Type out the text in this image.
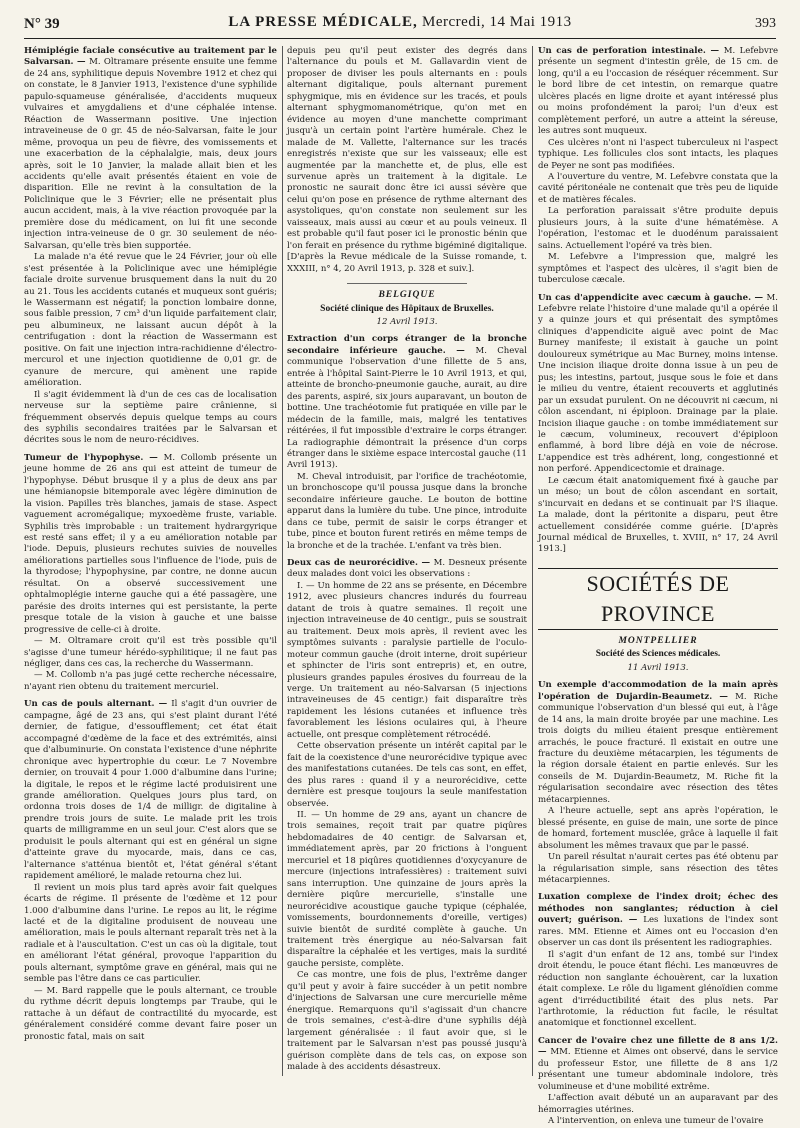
N° 39	LA PRESSE MÉDICALE, Mercredi, 14 Mai 1913	393

Hémiplégie faciale consécutive au traitement par le Salvarsan. — M. Oltramare présente ensuite une femme de 24 ans, syphilitique depuis Novembre 1912 et chez qui on constate, le 8 Janvier 1913, l'existence d'une syphilide papulo-squameuse généralisée, d'accidents muqueux vulvaires et amygdaliens et d'une céphalée intense. Réaction de Wassermann positive. Une injection intraveineuse de 0 gr. 45 de néo-Salvarsan, faite le jour même, provoqua un peu de fièvre, des vomissements et une exacerbation de la céphalalgie, mais, deux jours après, soit le 10 Janvier, la malade allait bien et les accidents qu'elle avait présentés étaient en voie de disparition. Elle ne revint à la consultation de la Policlinique que le 3 Février; elle ne présentait plus aucun accident, mais, à la vive réaction provoquée par la première dose du médicament, on lui fit une seconde injection intra-veineuse de 0 gr. 30 seulement de néo-Salvarsan, qu'elle très bien supportée.

La malade n'a été revue que le 24 Février, jour où elle s'est présentée à la Policlinique avec une hémiplégie faciale droite survenue brusquement dans la nuit du 20 au 21. Tous les accidents cutanés et muqueux sont guéris; le Wassermann est négatif; la ponction lombaire donne, sous faible pression, 7 cm³ d'un liquide parfaitement clair, peu albumineux, ne laissant aucun dépôt à la centrifugation : dont la réaction de Wassermann est positive. On fait une injection intra-rachidienne d'électro-mercurol et une injection quotidienne de 0,01 gr. de cyanure de mercure, qui amènent une rapide amélioration.

Il s'agit évidemment là d'un de ces cas de localisation nerveuse sur la septième paire crânienne, si fréquemment observés depuis quelque temps au cours des syphilis secondaires traitées par le Salvarsan et décrites sous le nom de neuro-récidives.

Tumeur de l'hypophyse. — M. Collomb présente un jeune homme de 26 ans qui est atteint de tumeur de l'hypophyse. Début brusque il y a plus de deux ans par une hémianopsie bitemporale avec légère diminution de la vision. Papilles très blanches, jamais de stase. Aspect vaguement acromégalique; myxoedème fruste, variable. Syphilis très improbable : un traitement hydrargyrique est resté sans effet; il y a eu amélioration notable par l'iode. Depuis, plusieurs rechutes suivies de nouvelles améliorations partielles sous l'influence de l'iode, puis de la thyrodose; l'hypophysine, par contre, ne donne aucun résultat. On a observé successivement une ophtalmoplégie interne gauche qui a été passagère, une parésie des droits internes qui est persistante, la perte presque totale de la vision à gauche et une baisse progressive de celle-ci à droite.

— M. Oltramare croit qu'il est très possible qu'il s'agisse d'une tumeur hérédo-syphilitique; il ne faut pas négliger, dans ces cas, la recherche du Wassermann.

— M. Collomb n'a pas jugé cette recherche nécessaire, n'ayant rien obtenu du traitement mercuriel.

Un cas de pouls alternant. — Il s'agit d'un ouvrier de campagne, âgé de 23 ans, qui s'est plaint durant l'été dernier, de fatigue, d'essoufflement; cet état était accompagné d'œdème de la face et des extrémités, ainsi que d'albuminurie. On constata l'existence d'une néphrite chronique avec hypertrophie du cœur. Le 7 Novembre dernier, on trouvait 4 pour 1.000 d'albumine dans l'urine; la digitale, le repos et le régime lacté produisirent une grande amélioration. Quelques jours plus tard, on ordonna trois doses de 1/4 de milligr. de digitaline à prendre trois jours de suite. Le malade prit les trois quarts de milligramme en un seul jour. C'est alors que se produisit le pouls alternant qui est en général un signe d'atteinte grave du myocarde, mais, dans ce cas, l'alternance s'atténua bientôt et, l'état général s'étant rapidement amélioré, le malade retourna chez lui.

Il revient un mois plus tard après avoir fait quelques écarts de régime. Il présente de l'œdème et 12 pour 1.000 d'albumine dans l'urine. Le repos au lit, le régime lacté et de la digitaline produisent de nouveau une amélioration, mais le pouls alternant reparaît très net à la radiale et à l'auscultation. C'est un cas où la digitale, tout en améliorant l'état général, provoque l'apparition du pouls alternant, symptôme grave en général, mais qui ne semble pas l'être dans ce cas particulier.

— M. Bard rappelle que le pouls alternant, ce trouble du rythme décrit depuis longtemps par Traube, qui le rattache à un défaut de contractilité du myocarde, est généralement considéré comme devant faire poser un pronostic fatal, mais on sait

depuis peu qu'il peut exister des degrés dans l'alternance du pouls et M. Gallavardin vient de proposer de diviser les pouls alternants en : pouls alternant digitalique, pouls alternant purement sphygmique, mis en évidence sur les tracés, et pouls alternant sphygmomanométrique, qu'on met en évidence au moyen d'une manchette comprimant jusqu'à un certain point l'artère humérale. Chez le malade de M. Vallette, l'alternance sur les tracés enregistrés n'existe que sur les vaisseaux; elle est augmentée par la manchette et, de plus, elle est survenue après un traitement à la digitale. Le pronostic ne saurait donc être ici aussi sévère que celui qu'on pose en présence de rythme alternant des asystoliques, qu'on constate non seulement sur les vaisseaux, mais aussi au cœur et au pouls veineux. Il est probable qu'il faut poser ici le pronostic bénin que l'on ferait en présence du rythme bigéminé digitalique. [D'après la Revue médicale de la Suisse romande, t. XXXIII, n° 4, 20 Avril 1913, p. 328 et suiv.].

BELGIQUE
Société clinique des Hôpitaux de Bruxelles.
12 Avril 1913.

Extraction d'un corps étranger de la bronche secondaire inférieure gauche. — M. Cheval communique l'observation d'une fillette de 5 ans, entrée à l'hôpital Saint-Pierre le 10 Avril 1913, et qui, atteinte de broncho-pneumonie gauche, aurait, au dire des parents, aspiré, six jours auparavant, un bouton de bottine. Une trachéotomie fut pratiquée en ville par le médecin de la famille, mais, malgré les tentatives réitérées, il fut impossible d'extraire le corps étranger. La radiographie démontrait la présence d'un corps étranger dans le sixième espace intercostal gauche (11 Avril 1913).

M. Cheval introduisit, par l'orifice de trachéotomie, un bronchoscope qu'il poussa jusque dans la bronche secondaire inférieure gauche. Le bouton de bottine apparut dans la lumière du tube. Une pince, introduite dans ce tube, permit de saisir le corps étranger et tube, pince et bouton furent retirés en même temps de la bronche et de la trachée. L'enfant va très bien.

Deux cas de neurorécidive. — M. Desneux présente deux malades dont voici les observations :

I. — Un homme de 22 ans se présente, en Décembre 1912, avec plusieurs chancres indurés du fourreau datant de trois à quatre semaines. Il reçoit une injection intraveineuse de 40 centigr., puis se soustrait au traitement. Deux mois après, il revient avec les symptômes suivants : paralysie partielle de l'oculo-moteur commun gauche (droit interne, droit supérieur et sphincter de l'iris sont entrepris) et, en outre, plusieurs grandes papules érosives du fourreau de la verge. Un traitement au néo-Salvarsan (5 injections intraveineuses de 45 centigr.) fait disparaître très rapidement les lésions cutanées et influence très favorablement les lésions oculaires qui, à l'heure actuelle, ont presque complètement rétrocédé.

Cette observation présente un intérêt capital par le fait de la coexistence d'une neurorécidive typique avec des manifestations cutanées. De tels cas sont, en effet, des plus rares : quand il y a neurorécidive, cette dernière est presque toujours la seule manifestation observée.

II. — Un homme de 29 ans, ayant un chancre de trois semaines, reçoit trait par quatre piqûres hebdomadaires de 40 centigr. de Salvarsan et, immédiatement après, par 20 frictions à l'onguent mercuriel et 18 piqûres quotidiennes d'oxycyanure de mercure (injections intrafessières) : traitement suivi sans interruption. Une quinzaine de jours après la dernière piqûre mercurielle, s'installe une neurorécidive acoustique gauche typique (céphalée, vomissements, bourdonnements d'oreille, vertiges) suivie bientôt de surdité complète à gauche. Un traitement très énergique au néo-Salvarsan fait disparaître la céphalée et les vertiges, mais la surdité gauche persiste, complète.

Ce cas montre, une fois de plus, l'extrême danger qu'il peut y avoir à faire succéder à un petit nombre d'injections de Salvarsan une cure mercurielle même énergique. Remarquons qu'il s'agissait d'un chancre de trois semaines, c'est-à-dire d'une syphilis déjà largement généralisée : il faut avoir que, si le traitement par le Salvarsan n'est pas poussé jusqu'à guérison complète dans de tels cas, on expose son malade à des accidents désastreux.

Un cas de perforation intestinale. — M. Lefebvre présente un segment d'intestin grêle, de 15 cm. de long, qu'il a eu l'occasion de réséquer récemment. Sur le bord libre de cet intestin, on remarque quatre ulcères placés en ligne droite et ayant intéressé plus ou moins profondément la paroi; l'un d'eux est complètement perforé, un autre a atteint la séreuse, les autres sont muqueux.

Ces ulcères n'ont ni l'aspect tuberculeux ni l'aspect typhique. Les follicules clos sont intacts, les plaques de Peyer ne sont pas modifiées.

A l'ouverture du ventre, M. Lefebvre constata que la cavité péritonéale ne contenait que très peu de liquide et de matières fécales.

La perforation paraissait s'être produite depuis plusieurs jours, à la suite d'une hématémèse. A l'opération, l'estomac et le duodénum paraissaient sains. Actuellement l'opéré va très bien.

M. Lefebvre a l'impression que, malgré les symptômes et l'aspect des ulcères, il s'agit bien de tuberculose cæcale.

Un cas d'appendicite avec cæcum à gauche. — M. Lefebvre relate l'histoire d'une malade qu'il a opérée il y a quinze jours et qui présentait des symptômes cliniques d'appendicite aiguë avec point de Mac Burney manifeste; il existait à gauche un point douloureux symétrique au Mac Burney, moins intense. Une incision iliaque droite donna issue à un peu de pus; les intestins, partout, jusque sous le foie et dans le milieu du ventre, étaient recouverts et agglutinés par un exsudat purulent. On ne découvrit ni cæcum, ni côlon ascendant, ni épiploon. Drainage par la plaie. Incision iliaque gauche : on tombe immédiatement sur le cæcum, volumineux, recouvert d'épiploon enflammé, à bord libre déjà en voie de nécrose. L'appendice est très adhérent, long, congestionné et non perforé. Appendicectomie et drainage.

Le cæcum était anatomiquement fixé à gauche par un méso; un bout de côlon ascendant en sortait, s'incurvait en dedans et se continuait par l'S iliaque. La malade, dont la péritonite a disparu, peut être actuellement considérée comme guérie. [D'après Journal médical de Bruxelles, t. XVIII, n° 17, 24 Avril 1913.]

SOCIÉTÉS DE PROVINCE
MONTPELLIER
Société des Sciences médicales.
11 Avril 1913.

Un exemple d'accommodation de la main après l'opération de Dujardin-Beaumetz. — M. Riche communique l'observation d'un blessé qui eut, à l'âge de 14 ans, la main droite broyée par une machine. Les trois doigts du milieu étaient presque entièrement arrachés, le pouce fracturé. Il existait en outre une fracture du deuxième métacarpien, les téguments de la région dorsale étaient en partie enlevés. Sur les conseils de M. Dujardin-Beaumetz, M. Riche fit la régularisation secondaire avec résection des têtes métacarpiennes.

A l'heure actuelle, sept ans après l'opération, le blessé présente, en guise de main, une sorte de pince de homard, fortement musclée, grâce à laquelle il fait absolument les mêmes travaux que par le passé.

Un pareil résultat n'aurait certes pas été obtenu par la régularisation simple, sans résection des têtes métacarpiennes.

Luxation complexe de l'index droit; échec des méthodes non sanglantes; réduction à ciel ouvert; guérison. — Les luxations de l'index sont rares. MM. Etienne et Aimes ont eu l'occasion d'en observer un cas dont ils présentent les radiographies.

Il s'agit d'un enfant de 12 ans, tombé sur l'index droit étendu, le pouce étant fléchi. Les manœuvres de réduction non sanglante échouèrent, car la luxation était complexe. Le rôle du ligament glénoïdien comme agent d'irréductibilité était des plus nets. Par l'arthrotomie, la réduction fut facile, le résultat anatomique et fonctionnel excellent.

Cancer de l'ovaire chez une fillette de 8 ans 1/2. — MM. Etienne et Aimes ont observé, dans le service du professeur Estor, une fillette de 8 ans 1/2 présentant une tumeur abdominale indolore, très volumineuse et d'une mobilité extrême.

L'affection avait débuté un an auparavant par des hémorragies utérines.

A l'intervention, on enleva une tumeur de l'ovaire
